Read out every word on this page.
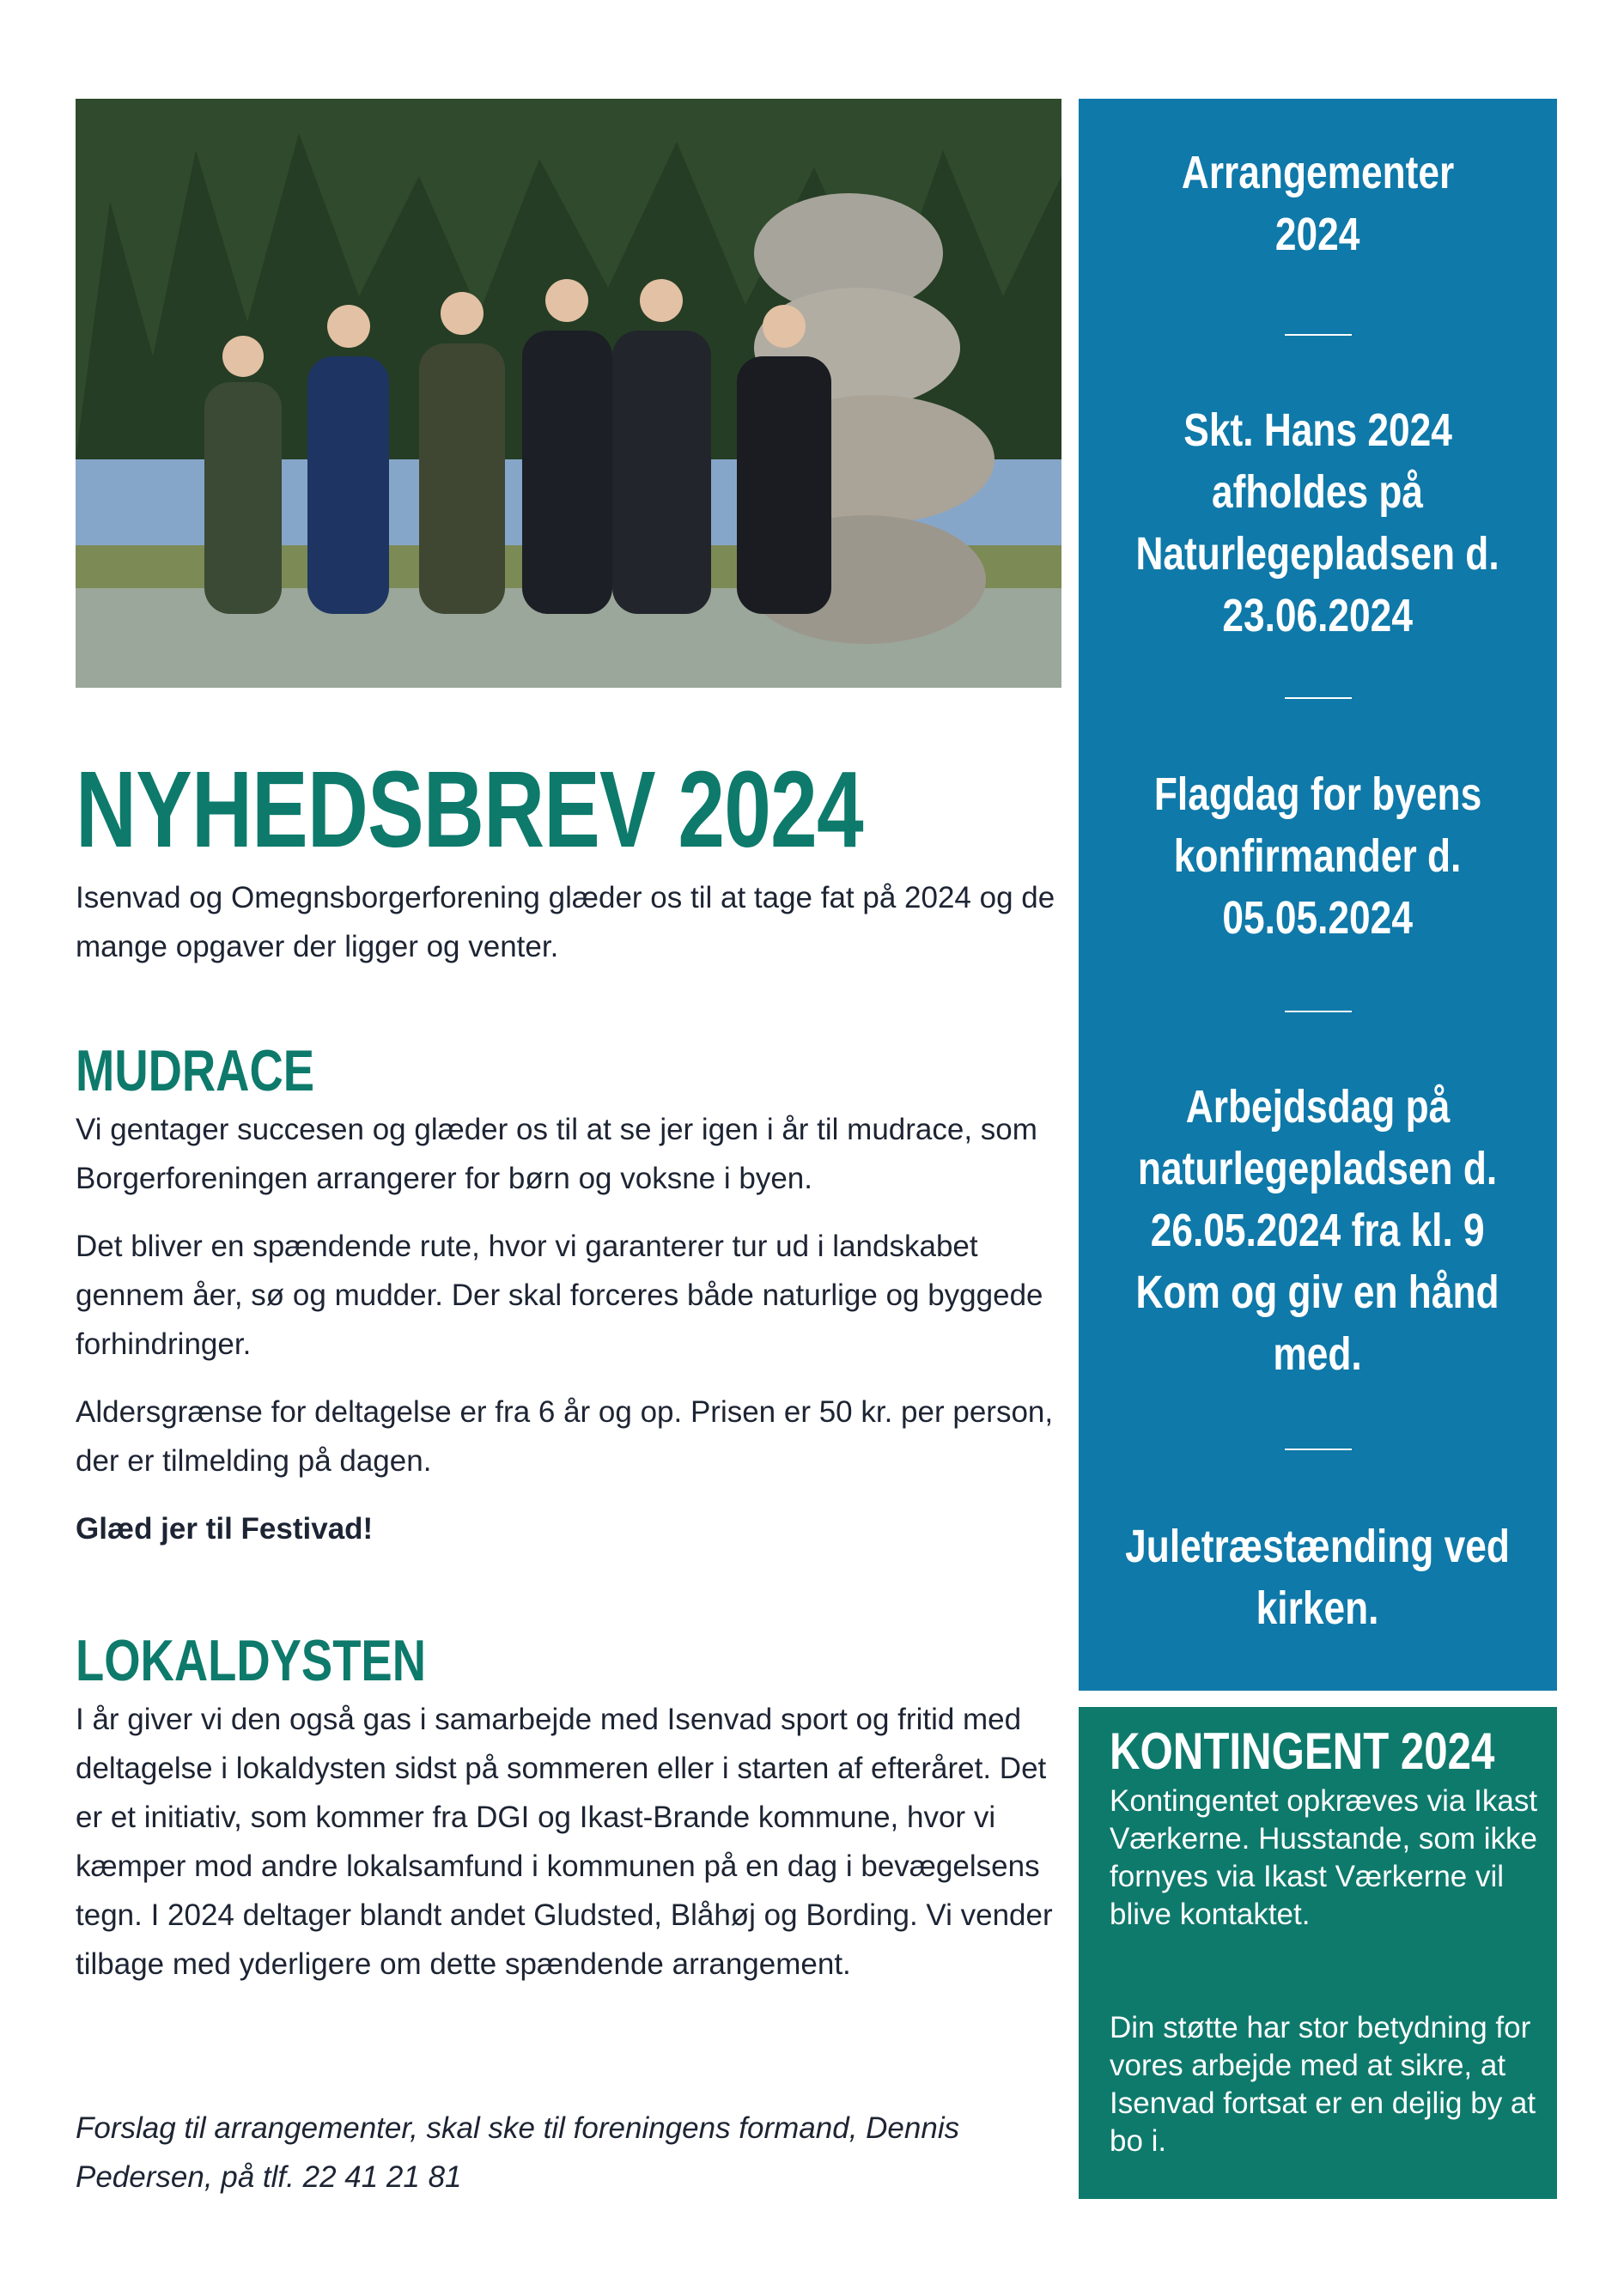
NYHEDSBREV 2024

Isenvad og Omegnsborgerforening glæder os til at tage fat på 2024 og de mange opgaver der ligger og venter.

MUDRACE

Vi gentager succesen og glæder os til at se jer igen i år til mudrace, som Borgerforeningen arrangerer for børn og voksne i byen.

Det bliver en spændende rute, hvor vi garanterer tur ud i landskabet gennem åer, sø og mudder. Der skal forceres både naturlige og byggede forhindringer.

Aldersgrænse for deltagelse er fra 6 år og op. Prisen er 50 kr. per person, der er tilmelding på dagen.

Glæd jer til Festivad!

LOKALDYSTEN

I år giver vi den også gas i samarbejde med Isenvad sport og fritid med deltagelse i lokaldysten sidst på sommeren eller i starten af efteråret. Det er et initiativ, som kommer fra DGI og Ikast-Brande kommune, hvor vi kæmper mod andre lokalsamfund i kommunen på en dag i bevægelsens tegn. I 2024 deltager blandt andet Gludsted, Blåhøj og Bording. Vi vender tilbage med yderligere om dette spændende arrangement.

Forslag til arrangementer, skal ske til foreningens formand, Dennis Pedersen, på tlf. 22 41 21 81

Arrangementer
2024
Skt. Hans 2024
afholdes på
Naturlegepladsen d.
23.06.2024
Flagdag for byens
konfirmander d.
05.05.2024
Arbejdsdag på
naturlegepladsen d.
26.05.2024 fra kl. 9
Kom og giv en hånd
med.
Juletræstænding ved
kirken.
KONTINGENT 2024

Kontingentet opkræves via Ikast Værkerne. Husstande, som ikke fornyes via Ikast Værkerne vil blive kontaktet.

Din støtte har stor betydning for vores arbejde med at sikre, at Isenvad fortsat er en dejlig by at bo i.
